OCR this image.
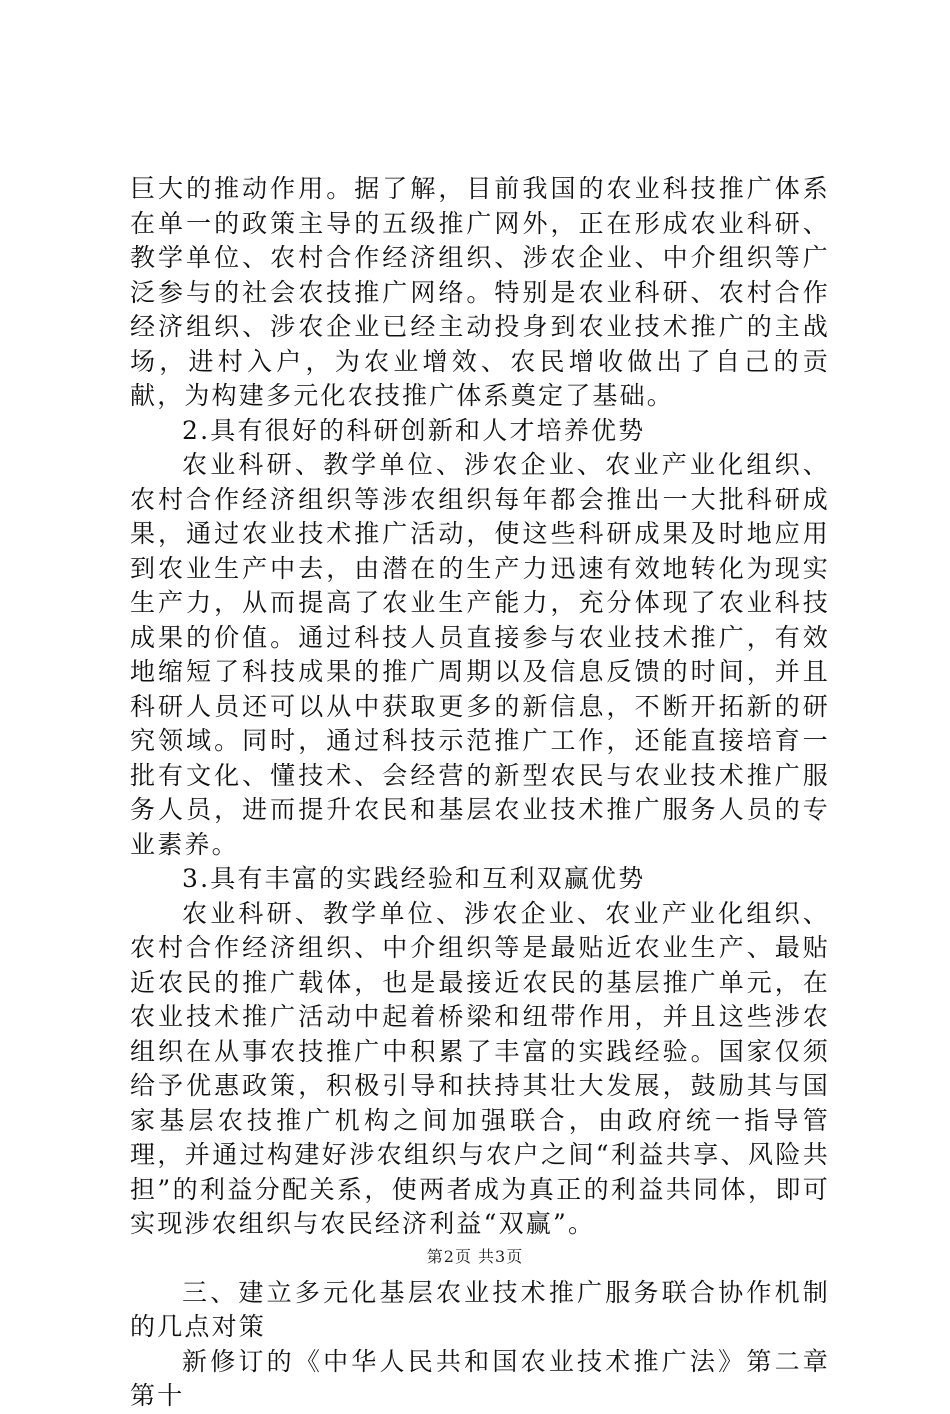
巨大的推动作用。据了解，目前我国的农业科技推广体系在单一的政策主导的五级推广网外，正在形成农业科研、教学单位、农村合作经济组织、涉农企业、中介组织等广泛参与的社会农技推广网络。特别是农业科研、农村合作经济组织、涉农企业已经主动投身到农业技术推广的主战场，进村入户，为农业增效、农民增收做出了自己的贡献，为构建多元化农技推广体系奠定了基础。

2.具有很好的科研创新和人才培养优势

农业科研、教学单位、涉农企业、农业产业化组织、农村合作经济组织等涉农组织每年都会推出一大批科研成果，通过农业技术推广活动，使这些科研成果及时地应用到农业生产中去，由潜在的生产力迅速有效地转化为现实生产力，从而提高了农业生产能力，充分体现了农业科技成果的价值。通过科技人员直接参与农业技术推广，有效地缩短了科技成果的推广周期以及信息反馈的时间，并且科研人员还可以从中获取更多的新信息，不断开拓新的研究领域。同时，通过科技示范推广工作，还能直接培育一批有文化、懂技术、会经营的新型农民与农业技术推广服务人员，进而提升农民和基层农业技术推广服务人员的专业素养。

3.具有丰富的实践经验和互利双赢优势

农业科研、教学单位、涉农企业、农业产业化组织、农村合作经济组织、中介组织等是最贴近农业生产、最贴近农民的推广载体，也是最接近农民的基层推广单元，在农业技术推广活动中起着桥梁和纽带作用，并且这些涉农组织在从事农技推广中积累了丰富的实践经验。国家仅须给予优惠政策，积极引导和扶持其壮大发展，鼓励其与国家基层农技推广机构之间加强联合，由政府统一指导管理，并通过构建好涉农组织与农户之间“利益共享、风险共担”的利益分配关系，使两者成为真正的利益共同体，即可实现涉农组织与农民经济利益“双赢”。

三、建立多元化基层农业技术推广服务联合协作机制的几点对策

新修订的《中华人民共和国农业技术推广法》第二章第十

第2页 共3页
